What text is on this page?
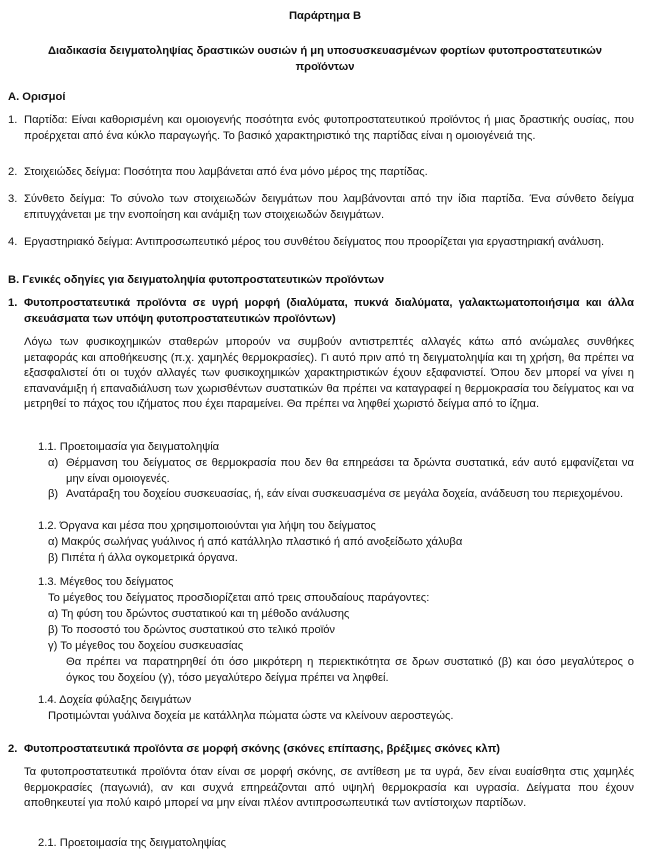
Παράρτημα Β
Διαδικασία δειγματοληψίας δραστικών ουσιών ή μη υποσυσκευασμένων φορτίων φυτοπροστατευτικών προϊόντων
Α. Ορισμοί
1. Παρτίδα: Είναι καθορισμένη και ομοιογενής ποσότητα ενός φυτοπροστατευτικού προϊόντος ή μιας δραστικής ουσίας, που προέρχεται από ένα κύκλο παραγωγής. Το βασικό χαρακτηριστικό της παρτίδας είναι η ομοιογένειά της.
2. Στοιχειώδες δείγμα: Ποσότητα που λαμβάνεται από ένα μόνο μέρος της παρτίδας.
3. Σύνθετο δείγμα: Το σύνολο των στοιχειωδών δειγμάτων που λαμβάνονται από την ίδια παρτίδα. Ένα σύνθετο δείγμα επιτυγχάνεται με την ενοποίηση και ανάμιξη των στοιχειωδών δειγμάτων.
4. Εργαστηριακό δείγμα: Αντιπροσωπευτικό μέρος του συνθέτου δείγματος που προορίζεται για εργαστηριακή ανάλυση.
Β. Γενικές οδηγίες για δειγματοληψία φυτοπροστατευτικών προϊόντων
1. Φυτοπροστατευτικά προϊόντα σε υγρή μορφή (διαλύματα, πυκνά διαλύματα, γαλακτωματοποιήσιμα και άλλα σκευάσματα των υπόψη φυτοπροστατευτικών προϊόντων)
Λόγω των φυσικοχημικών σταθερών μπορούν να συμβούν αντιστρεπτές αλλαγές κάτω από ανώμαλες συνθήκες μεταφοράς και αποθήκευσης (π.χ. χαμηλές θερμοκρασίες). Γι αυτό πριν από τη δειγματοληψία και τη χρήση, θα πρέπει να εξασφαλιστεί ότι οι τυχόν αλλαγές των φυσικοχημικών χαρακτηριστικών έχουν εξαφανιστεί. Όπου δεν μπορεί να γίνει η επανανάμιξη ή επαναδιάλυση των χωρισθέντων συστατικών θα πρέπει να καταγραφεί η θερμοκρασία του δείγματος και να μετρηθεί το πάχος του ιζήματος που έχει παραμείνει. Θα πρέπει να ληφθεί χωριστό δείγμα από το ίζημα.
1.1. Προετοιμασία για δειγματοληψία
α) Θέρμανση του δείγματος σε θερμοκρασία που δεν θα επηρεάσει τα δρώντα συστατικά, εάν αυτό εμφανίζεται να μην είναι ομοιογενές.
β) Ανατάραξη του δοχείου συσκευασίας, ή, εάν είναι συσκευασμένα σε μεγάλα δοχεία, ανάδευση του περιεχομένου.
1.2. Όργανα και μέσα που χρησιμοποιούνται για λήψη του δείγματος
α) Μακρύς σωλήνας γυάλινος ή από κατάλληλο πλαστικό ή από ανοξείδωτο χάλυβα
β) Πιπέτα ή άλλα ογκομετρικά όργανα.
1.3. Μέγεθος του δείγματος
Το μέγεθος του δείγματος προσδιορίζεται από τρεις σπουδαίους παράγοντες:
α) Τη φύση του δρώντος συστατικού και τη μέθοδο ανάλυσης
β) Το ποσοστό του δρώντος συστατικού στο τελικό προϊόν
γ) Το μέγεθος του δοχείου συσκευασίας
Θα πρέπει να παρατηρηθεί ότι όσο μικρότερη η περιεκτικότητα σε δρων συστατικό (β) και όσο μεγαλύτερος ο όγκος του δοχείου (γ), τόσο μεγαλύτερο δείγμα πρέπει να ληφθεί.
1.4. Δοχεία φύλαξης δειγμάτων
Προτιμώνται γυάλινα δοχεία με κατάλληλα πώματα ώστε να κλείνουν αεροστεγώς.
2. Φυτοπροστατευτικά προϊόντα σε μορφή σκόνης (σκόνες επίπασης, βρέξιμες σκόνες κλπ)
Τα φυτοπροστατευτικά προϊόντα όταν είναι σε μορφή σκόνης, σε αντίθεση με τα υγρά, δεν είναι ευαίσθητα στις χαμηλές θερμοκρασίες (παγωνιά), αν και συχνά επηρεάζονται από υψηλή θερμοκρασία και υγρασία. Δείγματα που έχουν αποθηκευτεί για πολύ καιρό μπορεί να μην είναι πλέον αντιπροσωπευτικά των αντίστοιχων παρτίδων.
2.1. Προετοιμασία της δειγματοληψίας
